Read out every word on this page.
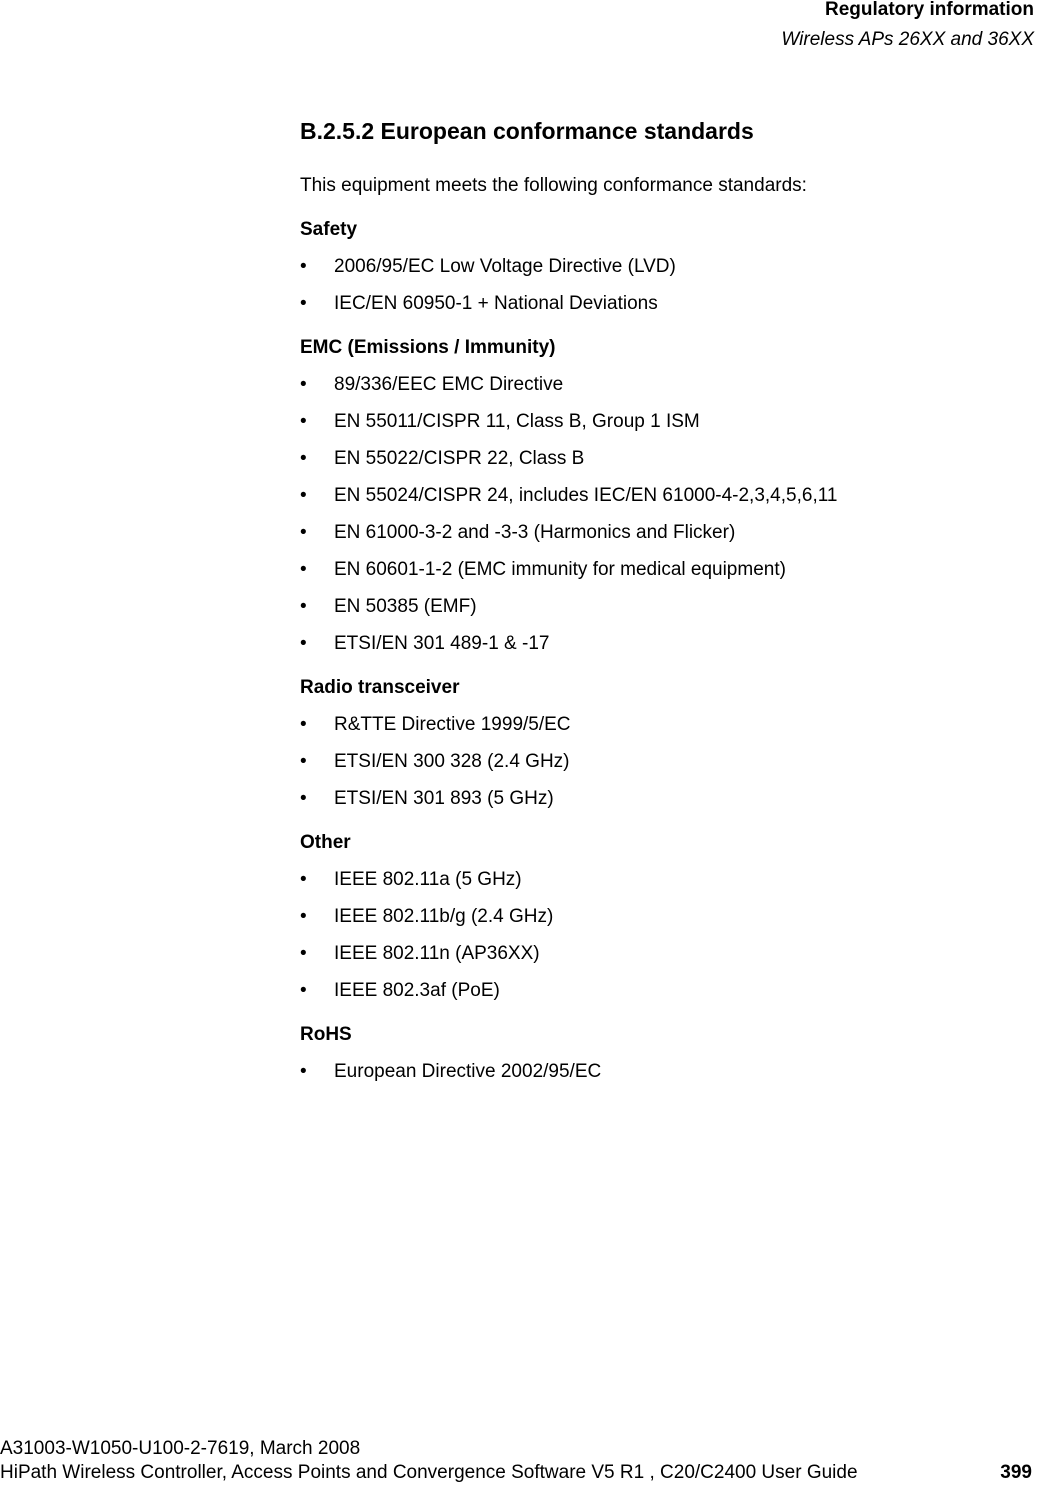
Regulatory information
Wireless APs 26XX and 36XX
B.2.5.2 European conformance standards

This equipment meets the following conformance standards:

Safety
• 2006/95/EC Low Voltage Directive (LVD)
• IEC/EN 60950-1 + National Deviations
EMC (Emissions / Immunity)
• 89/336/EEC EMC Directive
• EN 55011/CISPR 11, Class B, Group 1 ISM
• EN 55022/CISPR 22, Class B
• EN 55024/CISPR 24, includes IEC/EN 61000-4-2,3,4,5,6,11
• EN 61000-3-2 and -3-3 (Harmonics and Flicker)
• EN 60601-1-2 (EMC immunity for medical equipment)
• EN 50385 (EMF)
• ETSI/EN 301 489-1 & -17
Radio transceiver
• R&TTE Directive 1999/5/EC
• ETSI/EN 300 328 (2.4 GHz)
• ETSI/EN 301 893 (5 GHz)
Other
• IEEE 802.11a (5 GHz)
• IEEE 802.11b/g (2.4 GHz)
• IEEE 802.11n (AP36XX)
• IEEE 802.3af (PoE)
RoHS
• European Directive 2002/95/EC
A31003-W1050-U100-2-7619, March 2008
HiPath Wireless Controller, Access Points and Convergence Software V5 R1 , C20/C2400 User Guide	399
